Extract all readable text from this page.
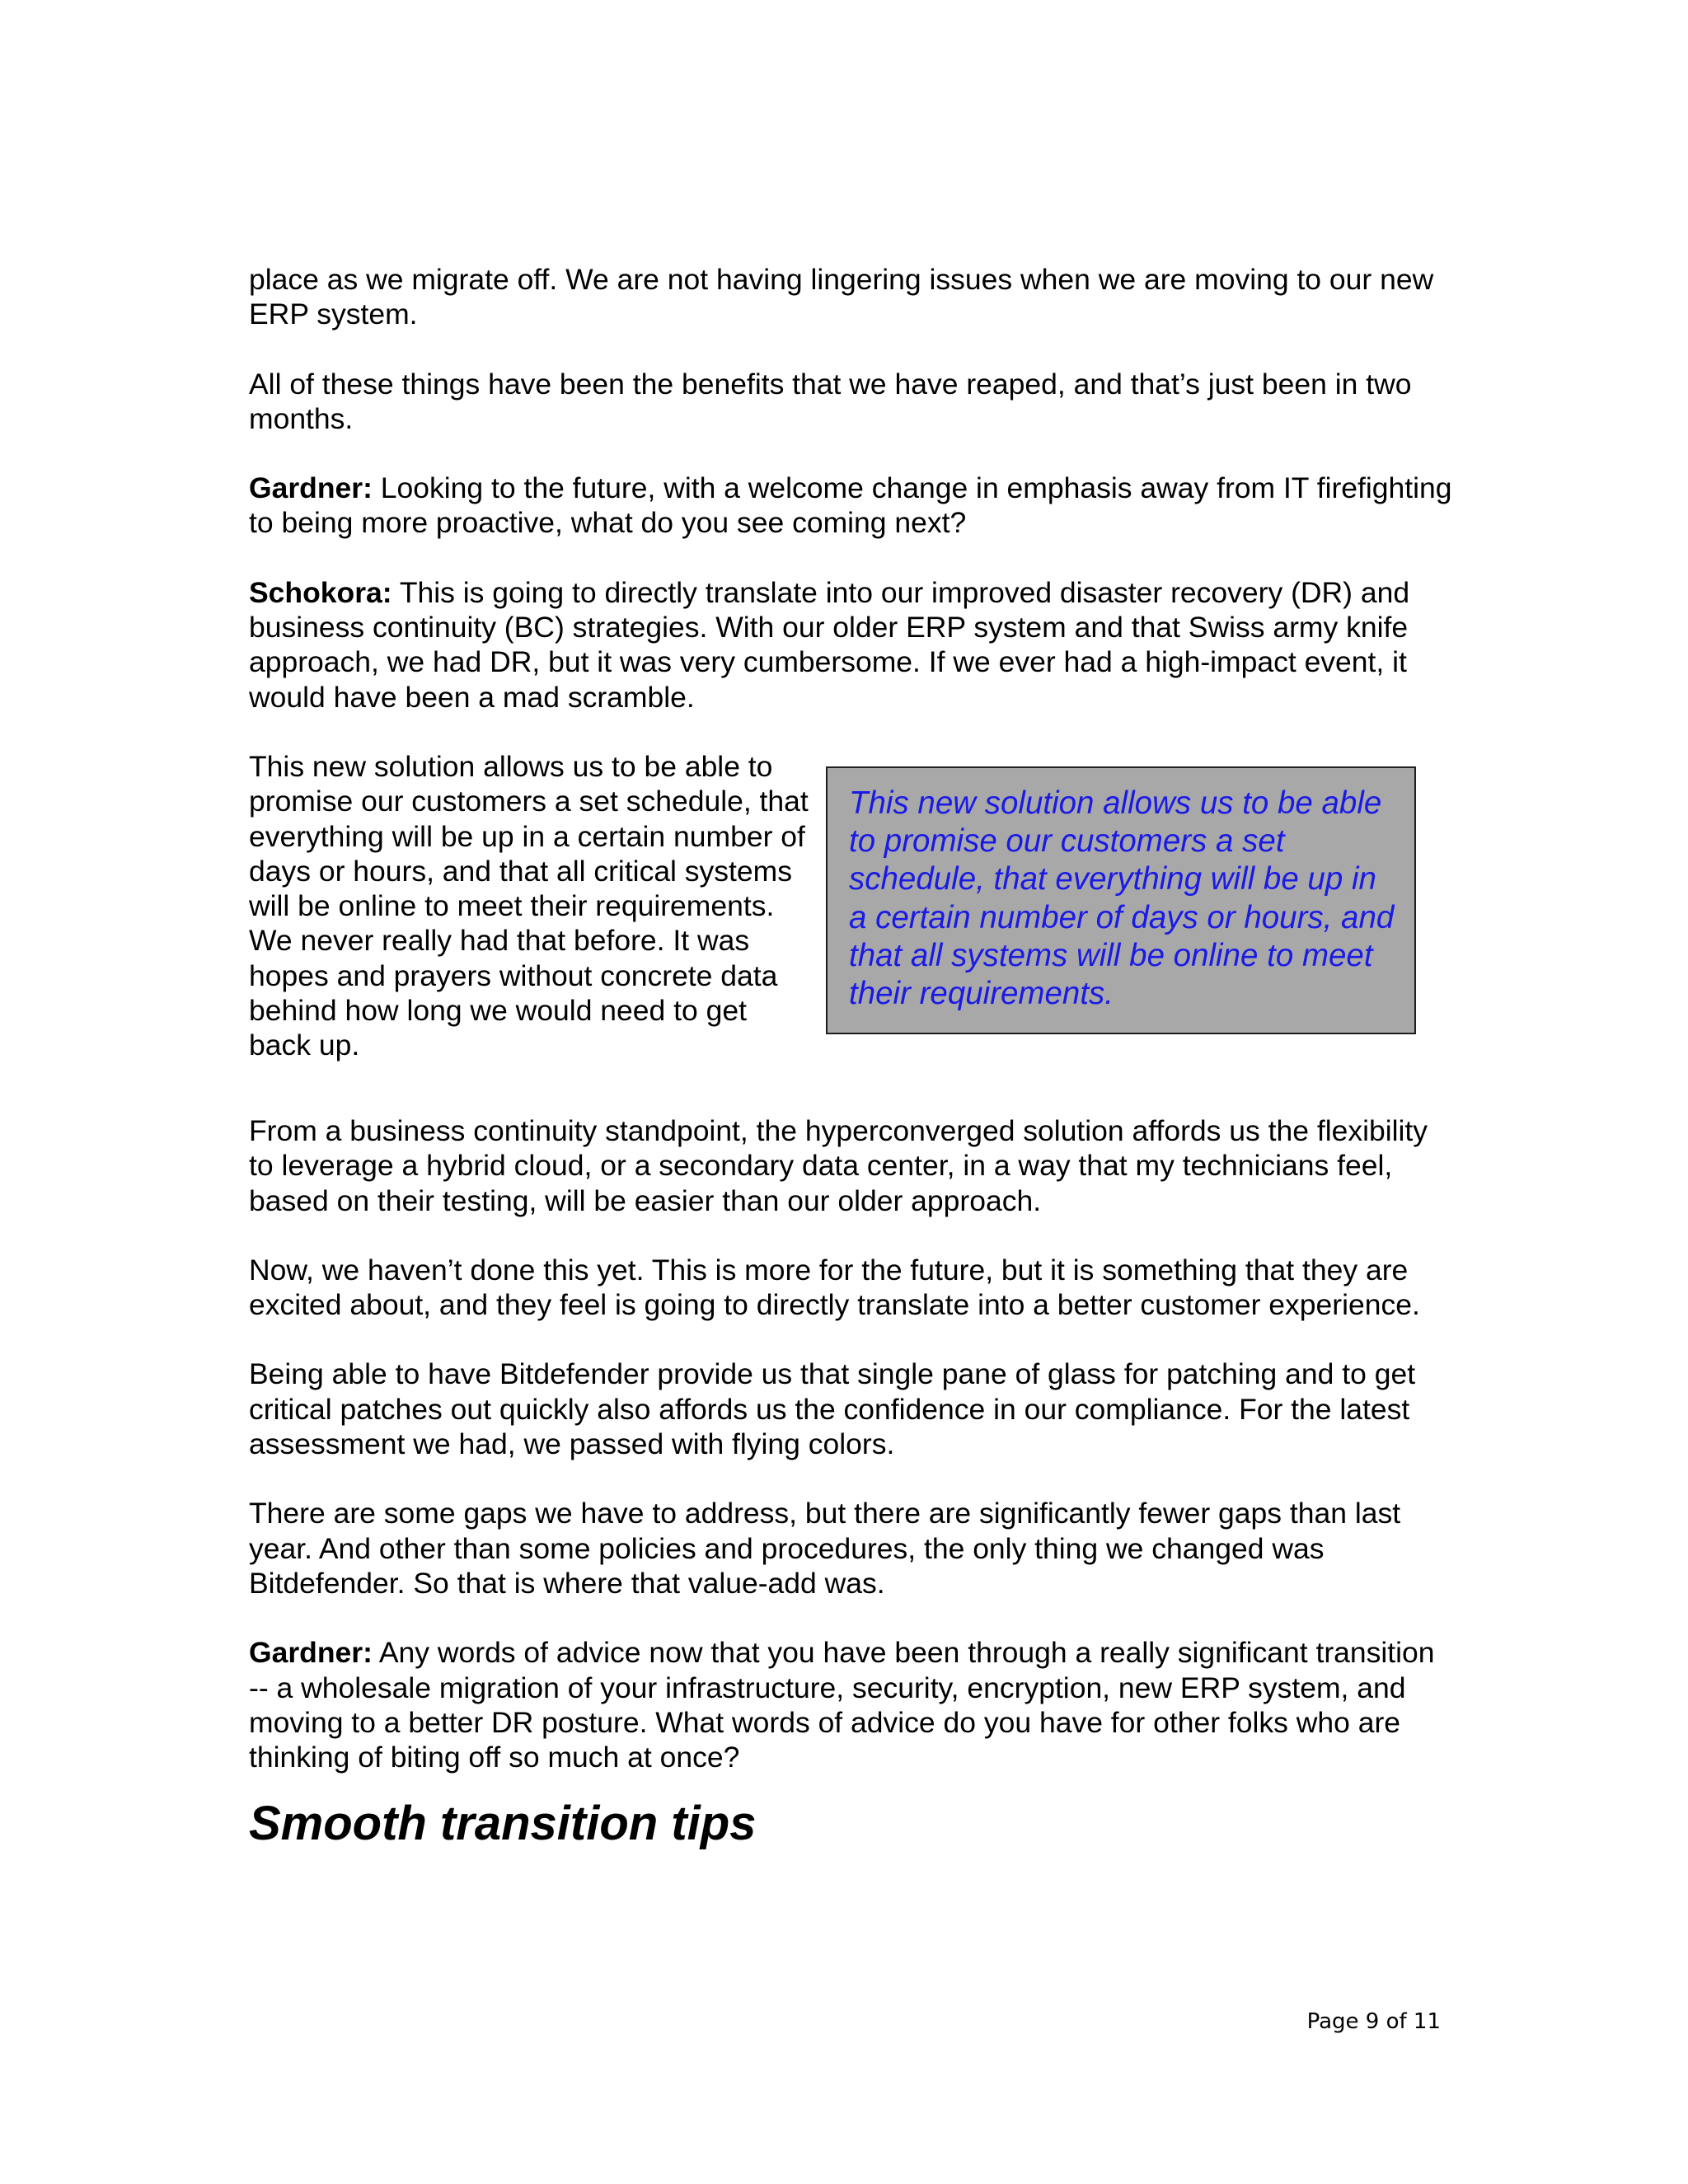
place as we migrate off. We are not having lingering issues when we are moving to our new ERP system.

All of these things have been the benefits that we have reaped, and that’s just been in two months.

Gardner: Looking to the future, with a welcome change in emphasis away from IT firefighting to being more proactive, what do you see coming next?

Schokora: This is going to directly translate into our improved disaster recovery (DR) and business continuity (BC) strategies. With our older ERP system and that Swiss army knife approach, we had DR, but it was very cumbersome. If we ever had a high-impact event, it would have been a mad scramble.

This new solution allows us to be able to promise our customers a set schedule, that everything will be up in a certain number of days or hours, and that all critical systems will be online to meet their requirements. We never really had that before. It was hopes and prayers without concrete data behind how long we would need to get back up.

This new solution allows us to be able to promise our customers a set schedule, that everything will be up in a certain number of days or hours, and that all systems will be online to meet their requirements.

From a business continuity standpoint, the hyperconverged solution affords us the flexibility to leverage a hybrid cloud, or a secondary data center, in a way that my technicians feel, based on their testing, will be easier than our older approach.

Now, we haven’t done this yet. This is more for the future, but it is something that they are excited about, and they feel is going to directly translate into a better customer experience.

Being able to have Bitdefender provide us that single pane of glass for patching and to get critical patches out quickly also affords us the confidence in our compliance. For the latest assessment we had, we passed with flying colors.

There are some gaps we have to address, but there are significantly fewer gaps than last year. And other than some policies and procedures, the only thing we changed was Bitdefender. So that is where that value-add was.

Gardner: Any words of advice now that you have been through a really significant transition -- a wholesale migration of your infrastructure, security, encryption, new ERP system, and moving to a better DR posture. What words of advice do you have for other folks who are thinking of biting off so much at once?

Smooth transition tips
Page 9 of 11
